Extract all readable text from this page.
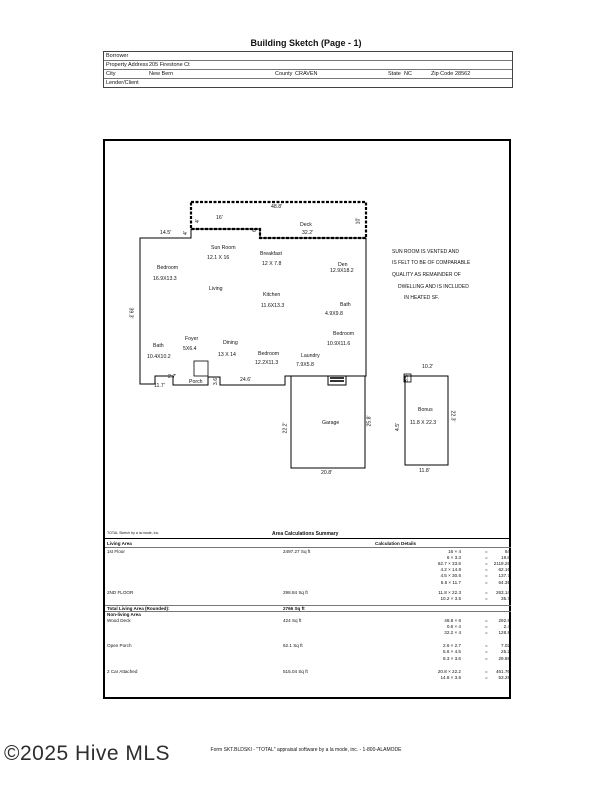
Building Sketch (Page - 1)
Borrower
Property Address 205 Firestone Ct
City	New Bern	County CRAVEN	State NC	Zip Code 28562
Lender/Client
Sun Room
12.1 X 16
Breakfast
12 X 7.8	Den
12.9X18.2
Bedroom
16.9X13.3
Living
Kitchen
11.6X13.3	Bath
4.9X9.8
Bedroom
10.9X11.6
Foyer
5X6.4
Bath
10.4X10.2
Dining
13 X 14	Bedroom
12.2X11.3
Laundry
7.9X5.8
Garage
Bonus
11.8 X 22.3
Deck
Porch
48.8'
16'	10'
32.2'
4'
14.5'
39.3'
11.7'
2.7'	3.6'	24.6'
22.2'
25.8'
20.8'
10.2'
22.3'
11.8'
6'
4'
4.5'
5.5'
SUN ROOM IS VENTED AND
IS FELT TO BE OF COMPARABLE
QUALITY AS REMAINDER OF
DWELLING AND IS INCLUDED
IN HEATED SF.
TOTAL Sketch by a la mode, inc.	Area Calculations Summary
Living Area	Calculation Details
1st Floor	2497.27 Sq ft	16 × 4	=	64
6 × 3.3	=	19.8
62.7 × 33.8	= 2119.26
4.2 × 14.8	= 62.16
4.5 × 30.6	= 137.7
5.5 × 11.7	= 64.35
2ND FLOOR	298.84 Sq ft	11.8 × 22.3	= 263.14
10.2 × 3.5	=	35.7
Total Living Area (Rounded):	2766 Sq ft
Non-living Area
Wood Deck	424 Sq ft	48.8 × 6	= 292.8
0.6 × 4	=	2.4
32.2 × 4	= 128.8
Open Porch	62.1 Sq ft	2.6 × 2.7	=	7.02
5.6 × 4.5	=	25.2
8.3 × 3.6	= 29.88
2 Car Attached	515.04 Sq ft	20.8 × 22.2	= 461.76
14.8 × 3.6	= 53.28
Form SKT.BLDSKI - "TOTAL" appraisal software by a la mode, inc. - 1-800-ALAMODE
©2025 Hive MLS
